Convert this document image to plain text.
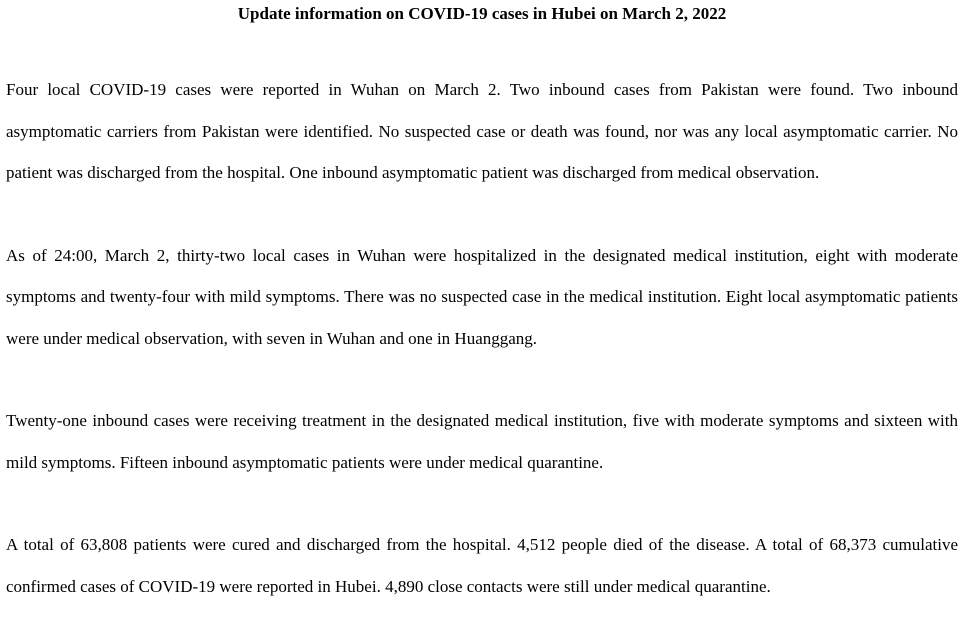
Update information on COVID-19 cases in Hubei on March 2, 2022

Four local COVID-19 cases were reported in Wuhan on March 2. Two inbound cases from Pakistan were found. Two inbound asymptomatic carriers from Pakistan were identified. No suspected case or death was found, nor was any local asymptomatic carrier. No patient was discharged from the hospital. One inbound asymptomatic patient was discharged from medical observation.

As of 24:00, March 2, thirty-two local cases in Wuhan were hospitalized in the designated medical institution, eight with moderate symptoms and twenty-four with mild symptoms. There was no suspected case in the medical institution. Eight local asymptomatic patients were under medical observation, with seven in Wuhan and one in Huanggang.

Twenty-one inbound cases were receiving treatment in the designated medical institution, five with moderate symptoms and sixteen with mild symptoms. Fifteen inbound asymptomatic patients were under medical quarantine.

A total of 63,808 patients were cured and discharged from the hospital. 4,512 people died of the disease. A total of 68,373 cumulative confirmed cases of COVID-19 were reported in Hubei. 4,890 close contacts were still under medical quarantine.
